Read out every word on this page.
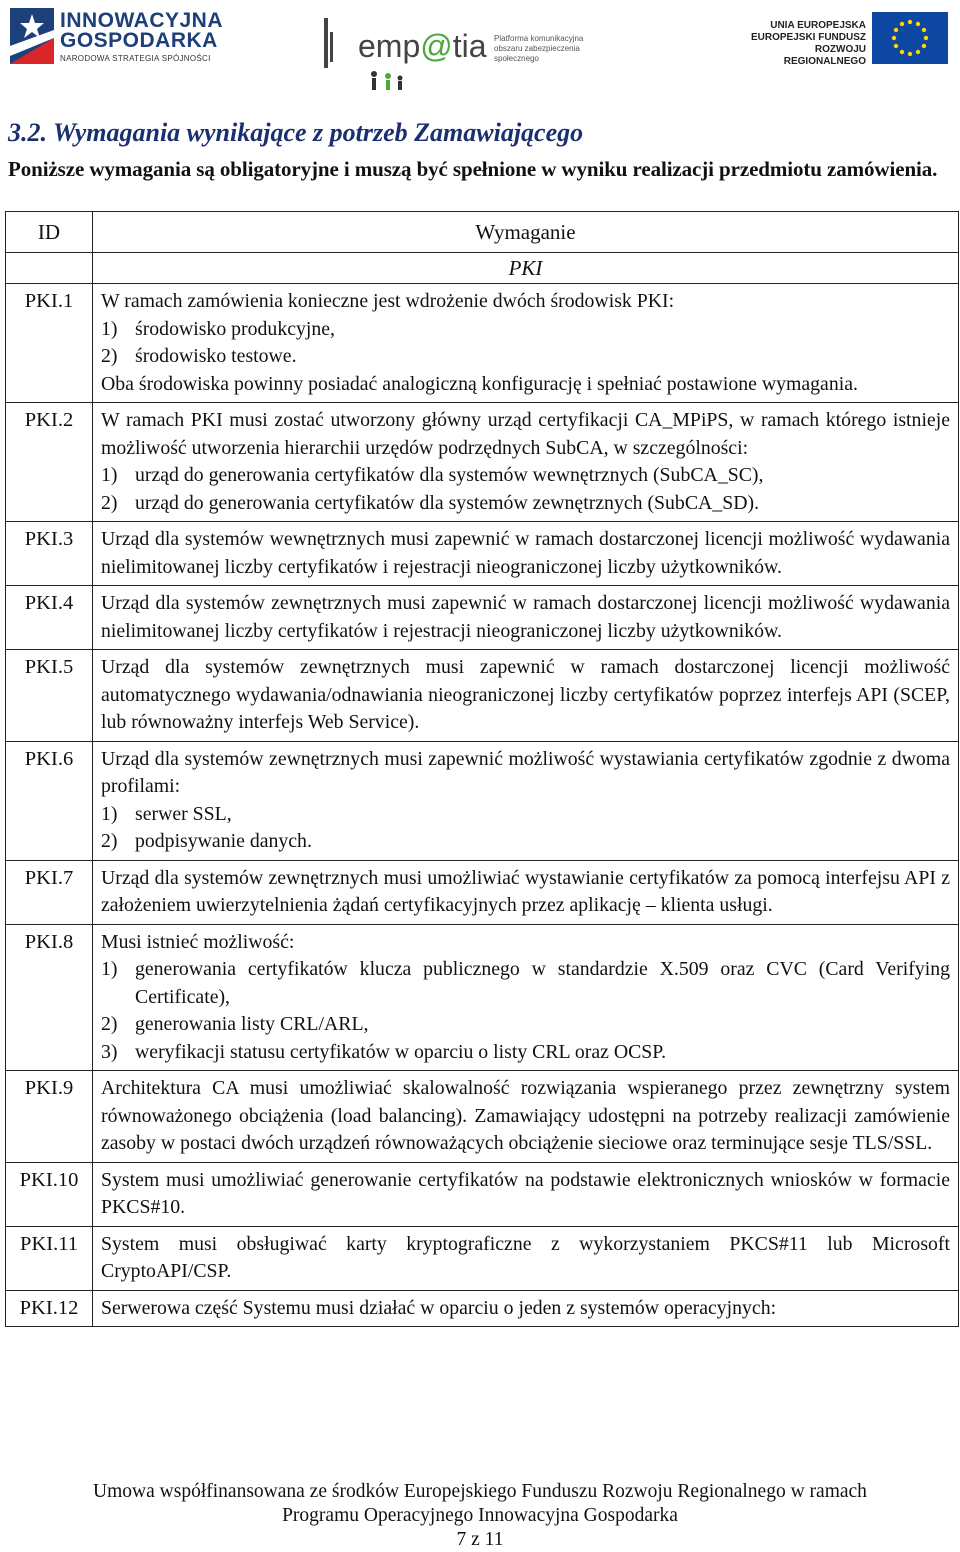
INNOWACYJNA
GOSPODARKA
NARODOWA STRATEGIA SPÓJNOŚCI	emp@tia Platforma komunikacyjna obszaru zabezpieczenia społecznego
UNIA EUROPEJSKA
EUROPEJSKI FUNDUSZ
ROZWOJU REGIONALNEGO
3.2. Wymagania wynikające z potrzeb Zamawiającego

Poniższe wymagania są obligatoryjne i muszą być spełnione w wyniku realizacji przedmiotu zamówienia.

ID	Wymaganie
	PKI
PKI.1	W ramach zamówienia konieczne jest wdrożenie dwóch środowisk PKI:

1) środowisko produkcyjne,

2) środowisko testowe.

Oba środowiska powinny posiadać analogiczną konfigurację i spełniać postawione wymagania.

PKI.2	W ramach PKI musi zostać utworzony główny urząd certyfikacji CA_MPiPS, w ramach którego istnieje możliwość utworzenia hierarchii urzędów podrzędnych SubCA, w szczególności:

1) urząd do generowania certyfikatów dla systemów wewnętrznych (SubCA_SC),

2) urząd do generowania certyfikatów dla systemów zewnętrznych (SubCA_SD).

PKI.3	Urząd dla systemów wewnętrznych musi zapewnić w ramach dostarczonej licencji możliwość wydawania nielimitowanej liczby certyfikatów i rejestracji nieograniczonej liczby użytkowników.

PKI.4	Urząd dla systemów zewnętrznych musi zapewnić w ramach dostarczonej licencji możliwość wydawania nielimitowanej liczby certyfikatów i rejestracji nieograniczonej liczby użytkowników.

PKI.5	Urząd dla systemów zewnętrznych musi zapewnić w ramach dostarczonej licencji możliwość automatycznego wydawania/odnawiania nieograniczonej liczby certyfikatów poprzez interfejs API (SCEP, lub równoważny interfejs Web Service).

PKI.6	Urząd dla systemów zewnętrznych musi zapewnić możliwość wystawiania certyfikatów zgodnie z dwoma profilami:

1) serwer SSL,

2) podpisywanie danych.

PKI.7	Urząd dla systemów zewnętrznych musi umożliwiać wystawianie certyfikatów za pomocą interfejsu API z założeniem uwierzytelnienia żądań certyfikacyjnych przez aplikację – klienta usługi.

PKI.8	Musi istnieć możliwość:

1) generowania certyfikatów klucza publicznego w standardzie X.509 oraz CVC (Card Verifying Certificate),

2) generowania listy CRL/ARL,

3) weryfikacji statusu certyfikatów w oparciu o listy CRL oraz OCSP.

PKI.9	Architektura CA musi umożliwiać skalowalność rozwiązania wspieranego przez zewnętrzny system równoważonego obciążenia (load balancing). Zamawiający udostępni na potrzeby realizacji zamówienie zasoby w postaci dwóch urządzeń równoważących obciążenie sieciowe oraz terminujące sesje TLS/SSL.

PKI.10	System musi umożliwiać generowanie certyfikatów na podstawie elektronicznych wniosków w formacie PKCS#10.

PKI.11	System musi obsługiwać karty kryptograficzne z wykorzystaniem PKCS#11 lub Microsoft CryptoAPI/CSP.

PKI.12	Serwerowa część Systemu musi działać w oparciu o jeden z systemów operacyjnych:

Umowa współfinansowana ze środków Europejskiego Funduszu Rozwoju Regionalnego w ramach

Programu Operacyjnego Innowacyjna Gospodarka

7 z 11
